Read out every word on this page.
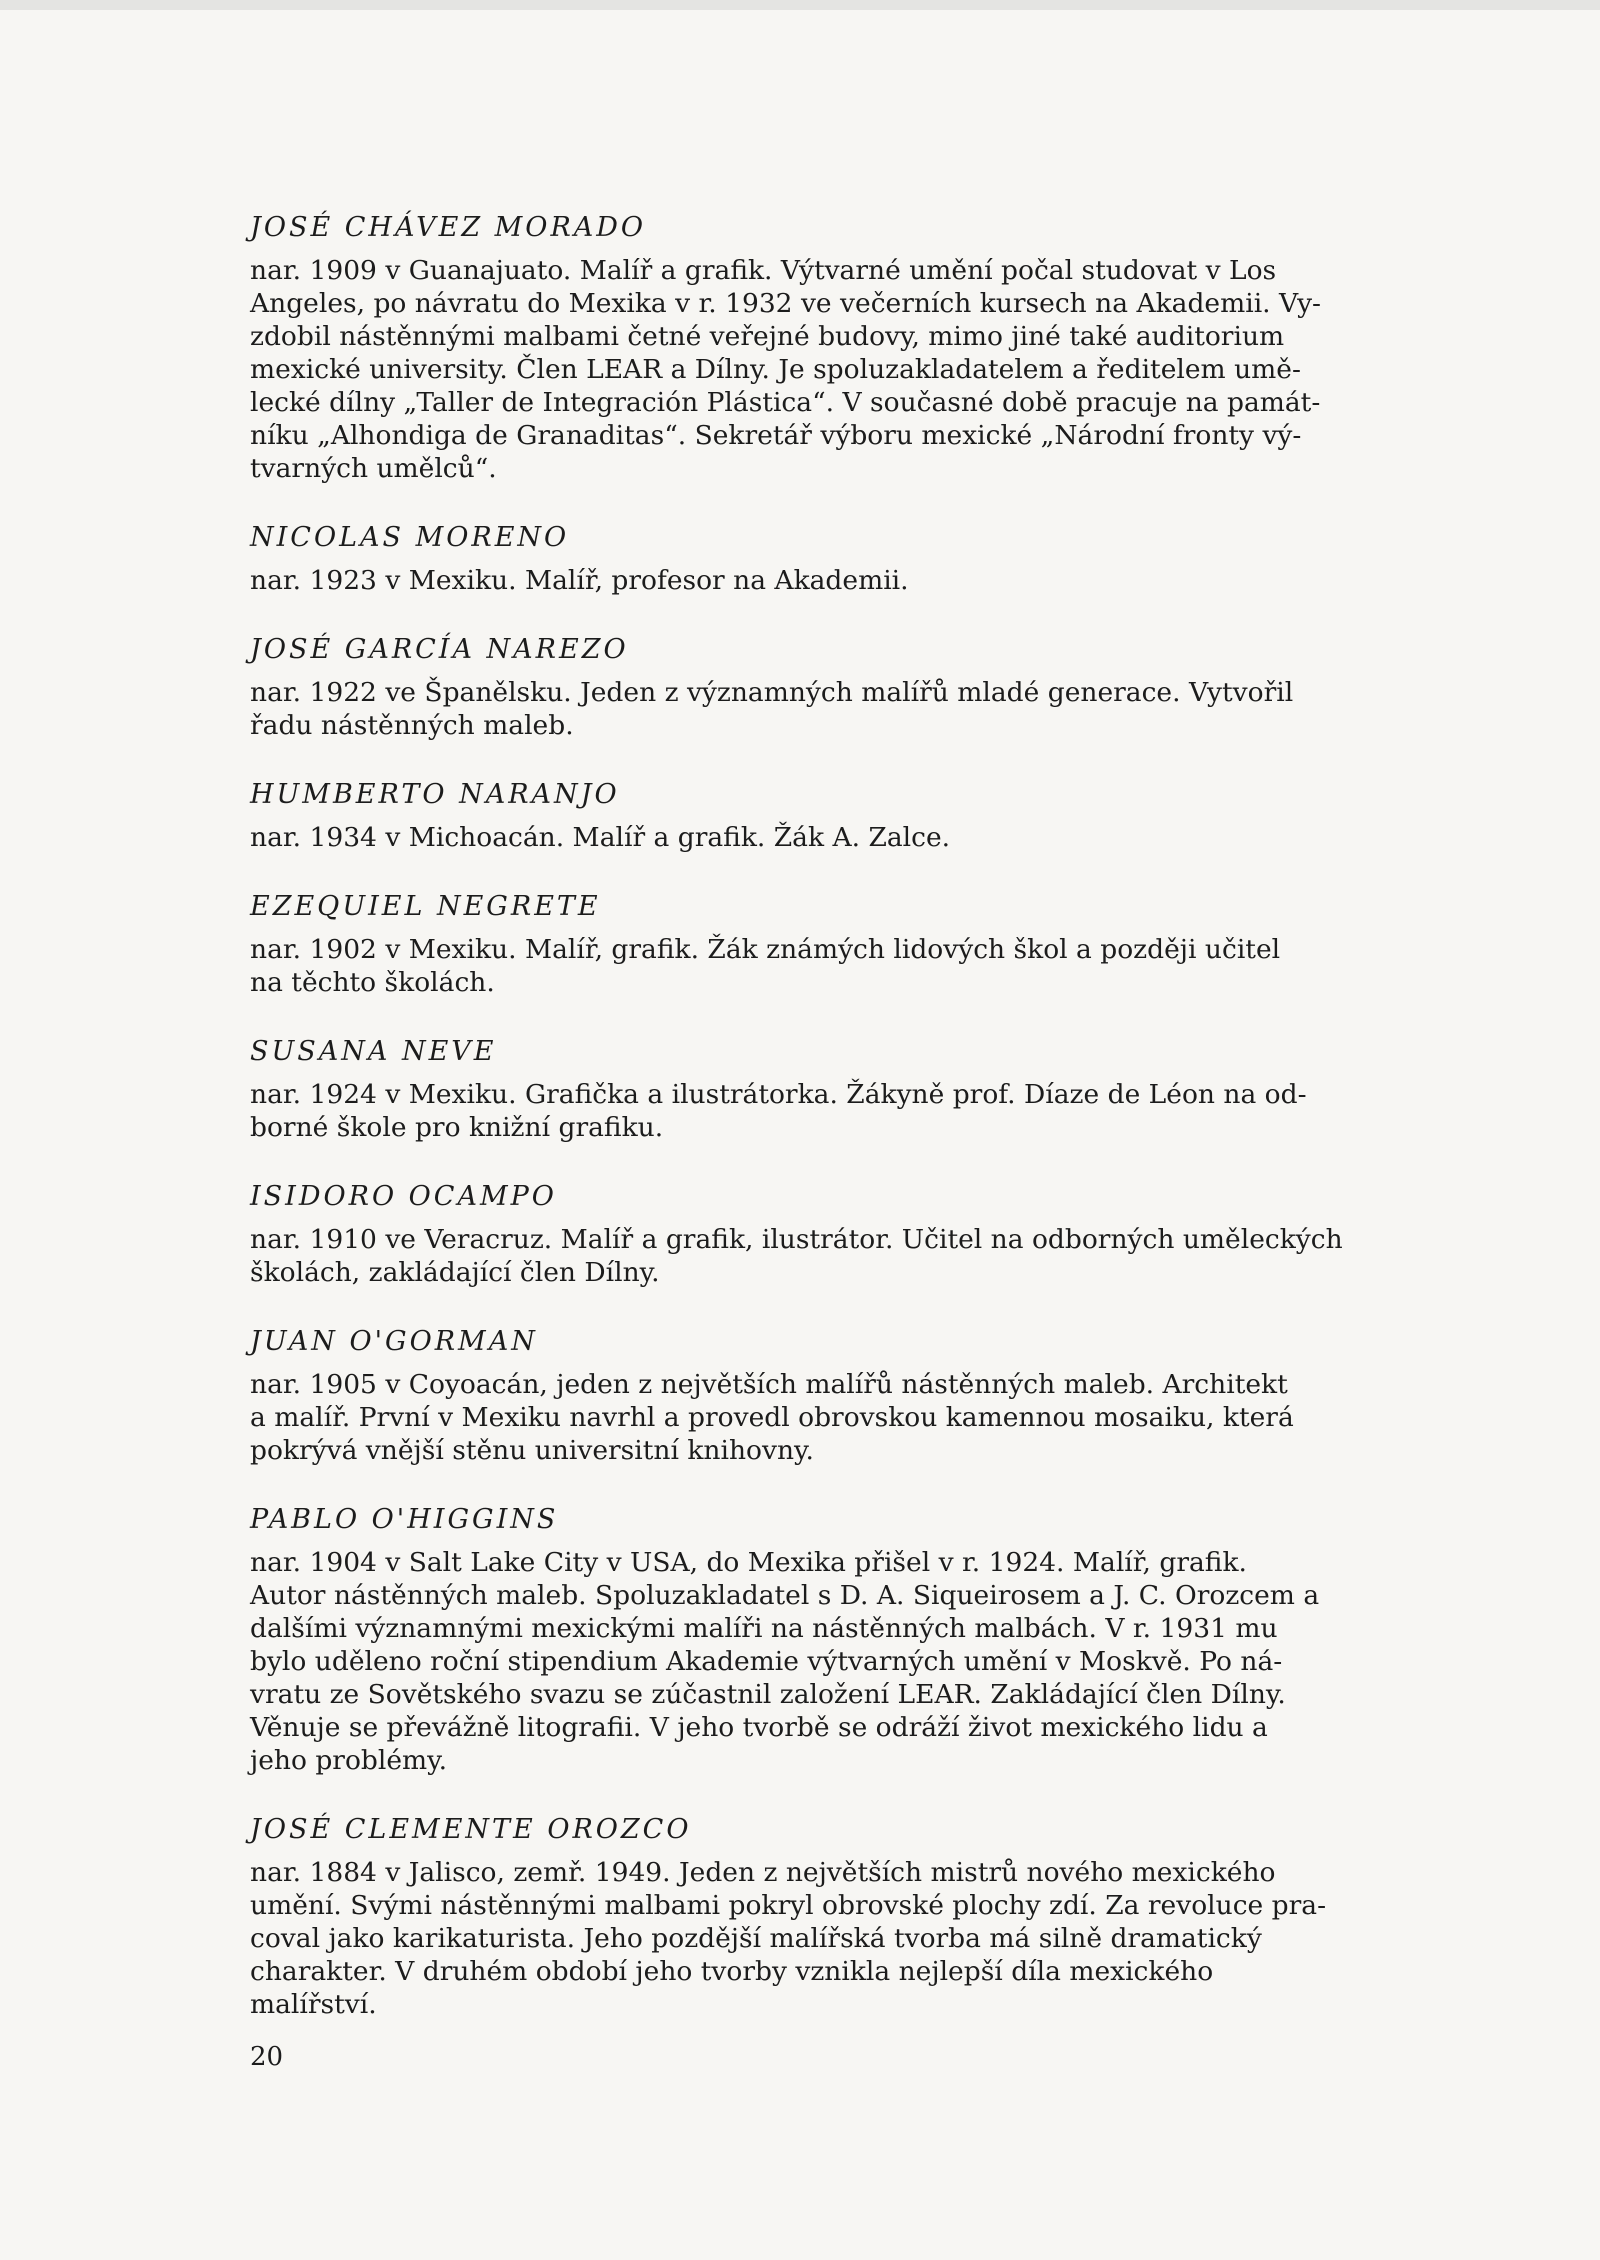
JOSÉ CHÁVEZ MORADO

nar. 1909 v Guanajuato. Malíř a grafik. Výtvarné umění počal studovat v Los
Angeles, po návratu do Mexika v r. 1932 ve večerních kursech na Akademii. Vy-
zdobil nástěnnými malbami četné veřejné budovy, mimo jiné také auditorium
mexické university. Člen LEAR a Dílny. Je spoluzakladatelem a ředitelem umě-
lecké dílny „Taller de Integración Plástica“. V současné době pracuje na památ-
níku „Alhondiga de Granaditas“. Sekretář výboru mexické „Národní fronty vý-
tvarných umělců“.

NICOLAS MORENO

nar. 1923 v Mexiku. Malíř, profesor na Akademii.

JOSÉ GARCÍA NAREZO

nar. 1922 ve Španělsku. Jeden z významných malířů mladé generace. Vytvořil
řadu nástěnných maleb.

HUMBERTO NARANJO

nar. 1934 v Michoacán. Malíř a grafik. Žák A. Zalce.

EZEQUIEL NEGRETE

nar. 1902 v Mexiku. Malíř, grafik. Žák známých lidových škol a později učitel
na těchto školách.

SUSANA NEVE

nar. 1924 v Mexiku. Grafička a ilustrátorka. Žákyně prof. Díaze de Léon na od-
borné škole pro knižní grafiku.

ISIDORO OCAMPO

nar. 1910 ve Veracruz. Malíř a grafik, ilustrátor. Učitel na odborných uměleckých
školách, zakládající člen Dílny.

JUAN O'GORMAN

nar. 1905 v Coyoacán, jeden z největších malířů nástěnných maleb. Architekt
a malíř. První v Mexiku navrhl a provedl obrovskou kamennou mosaiku, která
pokrývá vnější stěnu universitní knihovny.

PABLO O'HIGGINS

nar. 1904 v Salt Lake City v USA, do Mexika přišel v r. 1924. Malíř, grafik.
Autor nástěnných maleb. Spoluzakladatel s D. A. Siqueirosem a J. C. Orozcem a
dalšími významnými mexickými malíři na nástěnných malbách. V r. 1931 mu
bylo uděleno roční stipendium Akademie výtvarných umění v Moskvě. Po ná-
vratu ze Sovětského svazu se zúčastnil založení LEAR. Zakládající člen Dílny.
Věnuje se převážně litografii. V jeho tvorbě se odráží život mexického lidu a
jeho problémy.

JOSÉ CLEMENTE OROZCO

nar. 1884 v Jalisco, zemř. 1949. Jeden z největších mistrů nového mexického
umění. Svými nástěnnými malbami pokryl obrovské plochy zdí. Za revoluce pra-
coval jako karikaturista. Jeho pozdější malířská tvorba má silně dramatický
charakter. V druhém období jeho tvorby vznikla nejlepší díla mexického
malířství.

20
